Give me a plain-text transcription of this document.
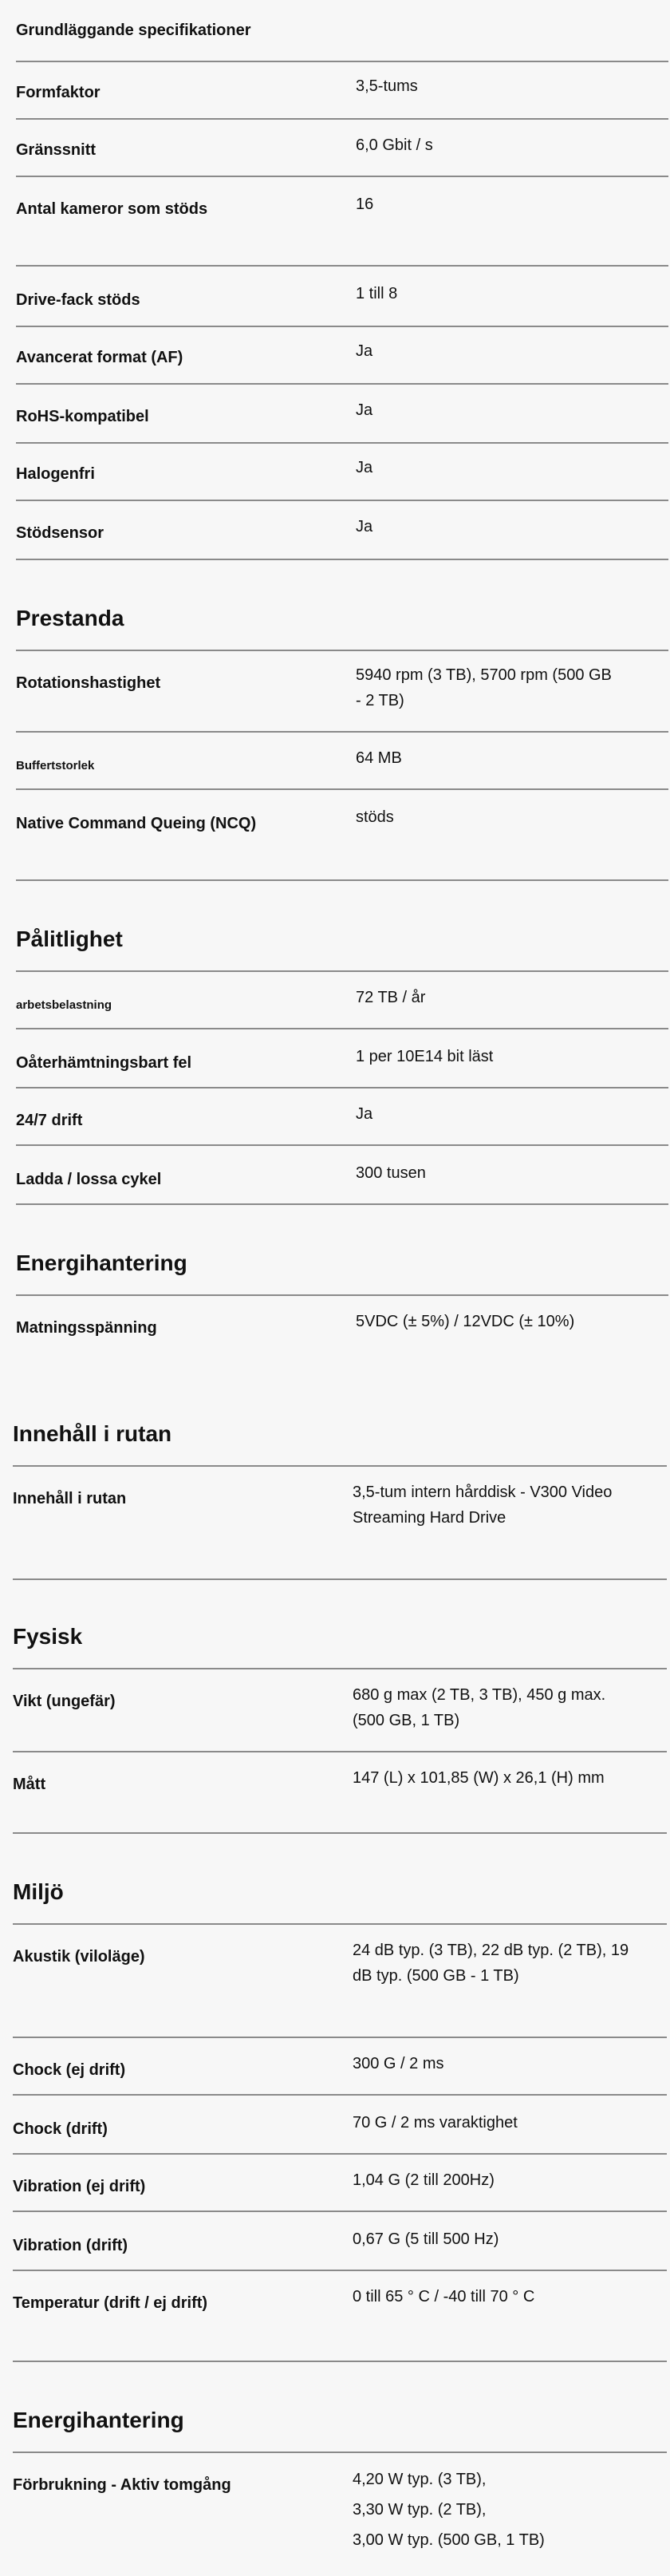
Grundläggande specifikationer
Formfaktor	3,5-tums
Gränssnitt	6,0 Gbit / s
Antal kameror som stöds	16
Drive-fack stöds	1 till 8
Avancerat format (AF)	Ja
RoHS-kompatibel	Ja
Halogenfri	Ja
Stödsensor	Ja
Prestanda
Rotationshastighet	5940 rpm (3 TB), 5700 rpm (500 GB - 2 TB)
Buffertstorlek	64 MB
Native Command Queing (NCQ)	stöds
Pålitlighet
arbetsbelastning	72 TB / år
Oåterhämtningsbart fel	1 per 10E14 bit läst
24/7 drift	Ja
Ladda / lossa cykel	300 tusen
Energihantering
Matningsspänning	5VDC (± 5%) / 12VDC (± 10%)
Innehåll i rutan
Innehåll i rutan	3,5-tum intern hårddisk - V300 Video Streaming Hard Drive
Fysisk
Vikt (ungefär)	680 g max (2 TB, 3 TB), 450 g max. (500 GB, 1 TB)
Mått	147 (L) x 101,85 (W) x 26,1 (H) mm
Miljö
Akustik (viloläge)	24 dB typ. (3 TB), 22 dB typ. (2 TB), 19 dB typ. (500 GB - 1 TB)
Chock (ej drift)	300 G / 2 ms
Chock (drift)	70 G / 2 ms varaktighet
Vibration (ej drift)	1,04 G (2 till 200Hz)
Vibration (drift)	0,67 G (5 till 500 Hz)
Temperatur (drift / ej drift)	0 till 65 ° C / -40 till 70 ° C
Energihantering
Förbrukning - Aktiv tomgång	4,20 W typ. (3 TB),
3,30 W typ. (2 TB),
3,00 W typ. (500 GB, 1 TB)
